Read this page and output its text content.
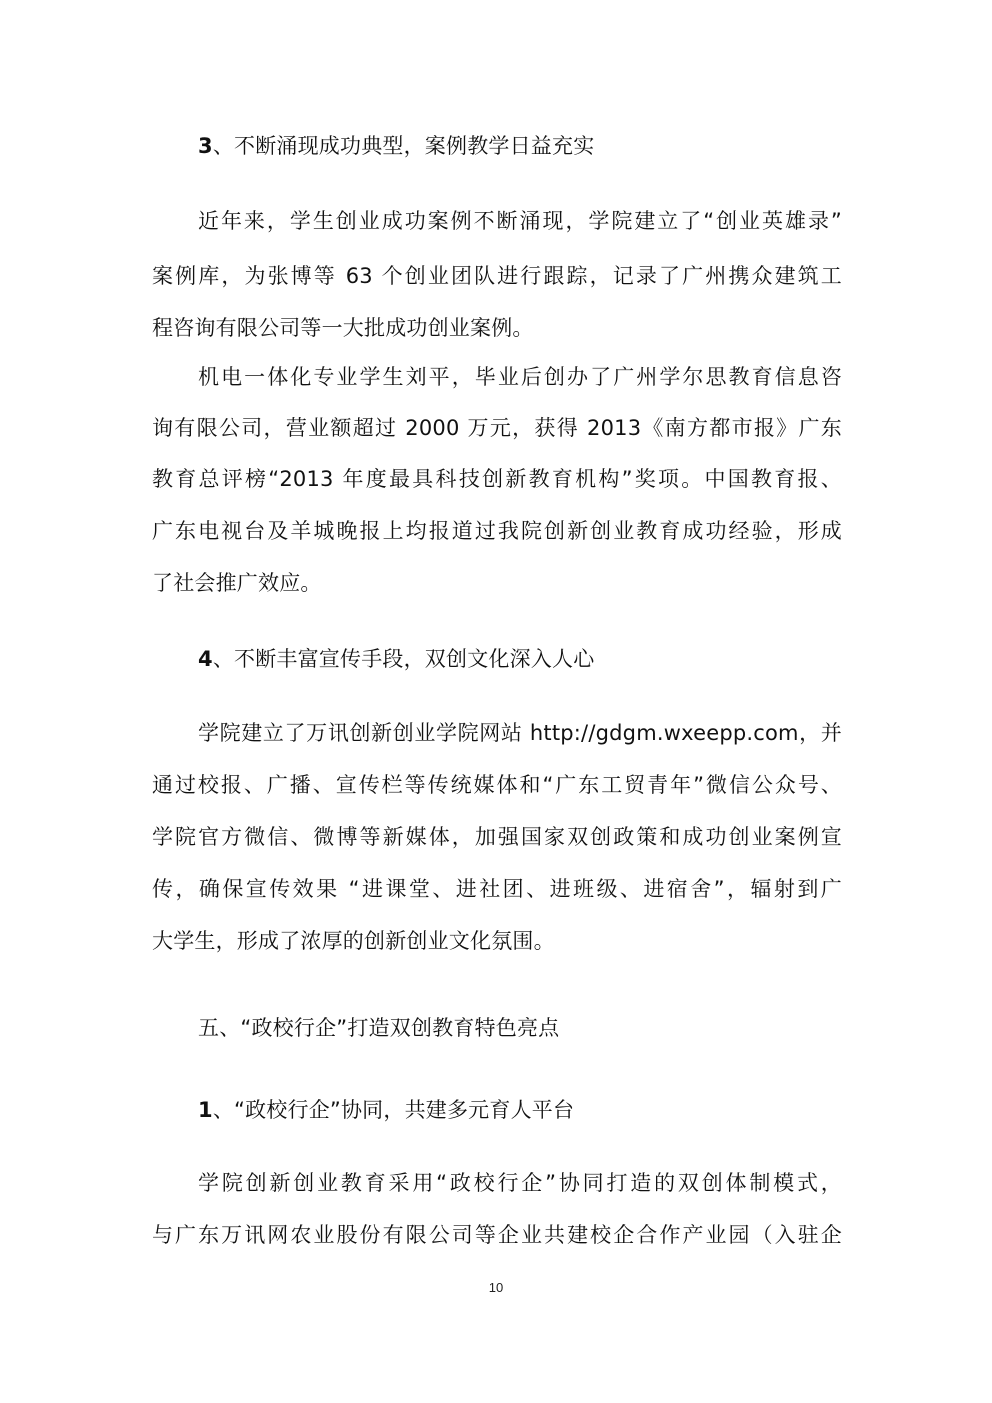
3、不断涌现成功典型，案例教学日益充实
近年来，学生创业成功案例不断涌现，学院建立了“创业英雄录”
案例库，为张博等 63 个创业团队进行跟踪，记录了广州携众建筑工
程咨询有限公司等一大批成功创业案例。
机电一体化专业学生刘平，毕业后创办了广州学尔思教育信息咨
询有限公司，营业额超过 2000 万元，获得 2013《南方都市报》广东
教育总评榜“2013 年度最具科技创新教育机构”奖项。中国教育报、
广东电视台及羊城晚报上均报道过我院创新创业教育成功经验，形成
了社会推广效应。
4、不断丰富宣传手段，双创文化深入人心
学院建立了万讯创新创业学院网站 http://gdgm.wxeepp.com，并
通过校报、广播、宣传栏等传统媒体和“广东工贸青年”微信公众号、
学院官方微信、微博等新媒体，加强国家双创政策和成功创业案例宣
传，确保宣传效果 “进课堂、进社团、进班级、进宿舍”，辐射到广
大学生，形成了浓厚的创新创业文化氛围。
五、“政校行企”打造双创教育特色亮点
1、“政校行企”协同，共建多元育人平台
学院创新创业教育采用“政校行企”协同打造的双创体制模式，
与广东万讯网农业股份有限公司等企业共建校企合作产业园（入驻企
10
